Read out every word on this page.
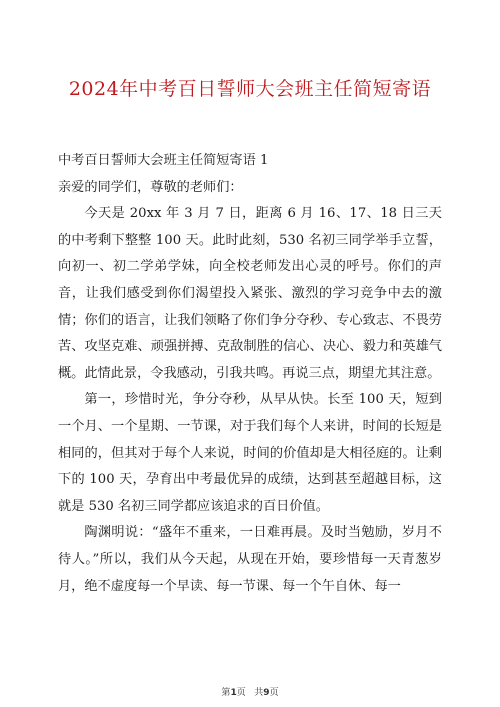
2024年中考百日誓师大会班主任简短寄语

中考百日誓师大会班主任简短寄语 1

亲爱的同学们，尊敬的老师们：

今天是 20xx 年 3 月 7 日，距离 6 月 16、17、18 日三天的中考剩下整整 100 天。此时此刻，530 名初三同学举手立誓，向初一、初二学弟学妹，向全校老师发出心灵的呼号。你们的声音，让我们感受到你们渴望投入紧张、激烈的学习竞争中去的激情；你们的语言，让我们领略了你们争分夺秒、专心致志、不畏劳苦、攻坚克难、顽强拼搏、克敌制胜的信心、决心、毅力和英雄气概。此情此景，令我感动，引我共鸣。再说三点，期望尤其注意。

第一，珍惜时光，争分夺秒，从早从快。长至 100 天，短到一个月、一个星期、一节课，对于我们每个人来讲，时间的长短是相同的，但其对于每个人来说，时间的价值却是大相径庭的。让剩下的 100 天，孕育出中考最优异的成绩，达到甚至超越目标，这就是 530 名初三同学都应该追求的百日价值。

陶渊明说：“盛年不重来，一日难再晨。及时当勉励，岁月不待人。”所以，我们从今天起，从现在开始，要珍惜每一天青葱岁月，绝不虚度每一个早读、每一节课、每一个午自休、每一

第1页   共9页
